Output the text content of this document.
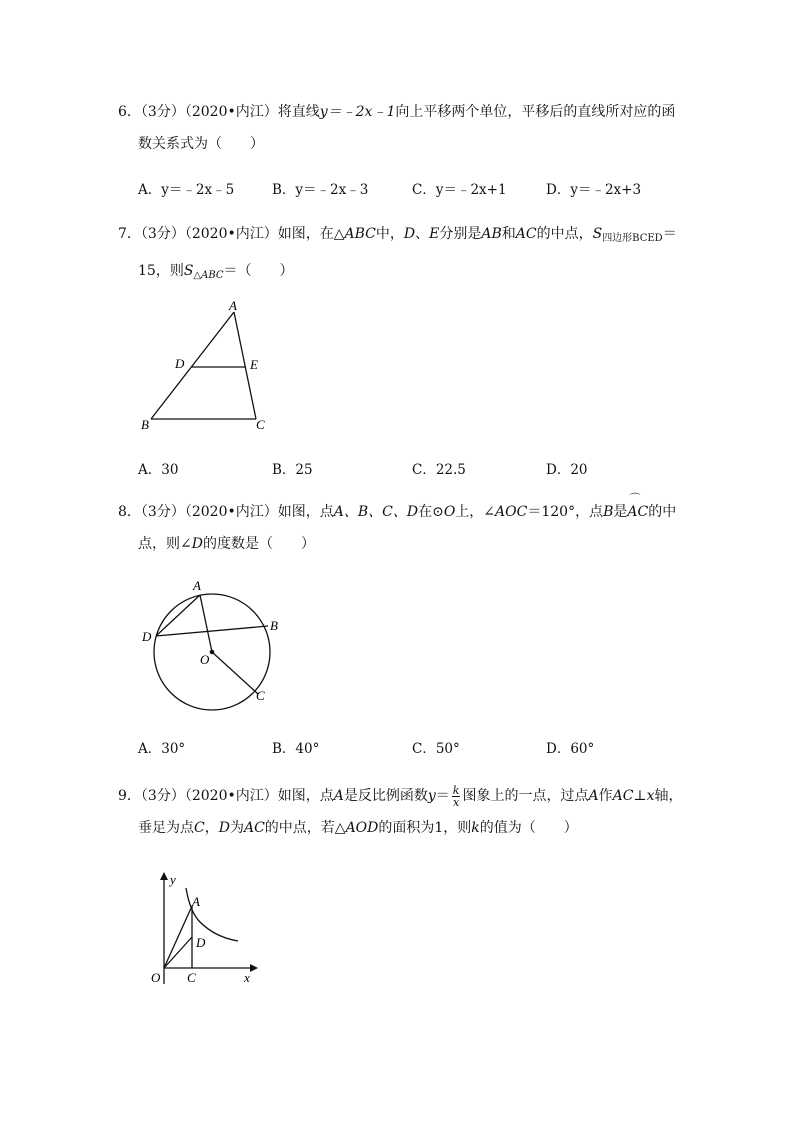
6．（3分）（2020•内江）将直线y＝﹣2x﹣1向上平移两个单位，平移后的直线所对应的函
数关系式为（　　）
A．y＝﹣2x﹣5	B．y＝﹣2x﹣3	C．y＝﹣2x+1	D．y＝﹣2x+3
7．（3分）（2020•内江）如图，在△ABC中，D、E分别是AB和AC的中点，$S_{四边形BCED}=$
15，则$S_{\triangle ABC}=$（　　）
A
D	E
B	C
A．30	B．25	C．22.5	D．20
8．（3分）（2020•内江）如图，点A、B、C、D在⊙O上，∠AOC＝120°，点B是⌒ AC的中
点，则∠D的度数是（　　）
A
D
B
O
C
A．30°	B．40°	C．50°	D．60°
9．（3分）（2020•内江）如图，点A是反比例函数$y= \frac{k}{x}$ 图象上的一点，过点A作AC⊥x轴，
垂足为点C，D为AC的中点，若△AOD的面积为1，则k的值为（　　）
y
x
O
A
D
C
